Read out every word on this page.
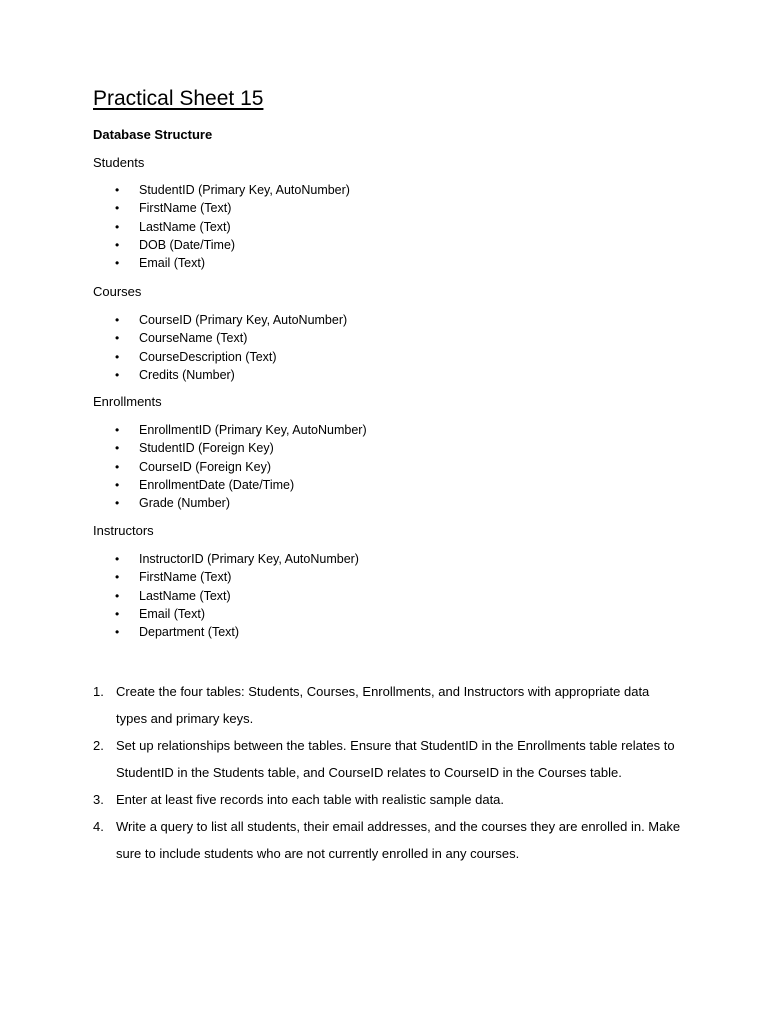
Practical Sheet 15

Database Structure

Students

• StudentID (Primary Key, AutoNumber)
• FirstName (Text)
• LastName (Text)
• DOB (Date/Time)
• Email (Text)

Courses

• CourseID (Primary Key, AutoNumber)
• CourseName (Text)
• CourseDescription (Text)
• Credits (Number)

Enrollments

• EnrollmentID (Primary Key, AutoNumber)
• StudentID (Foreign Key)
• CourseID (Foreign Key)
• EnrollmentDate (Date/Time)
• Grade (Number)

Instructors

• InstructorID (Primary Key, AutoNumber)
• FirstName (Text)
• LastName (Text)
• Email (Text)
• Department (Text)
1. Create the four tables: Students, Courses, Enrollments, and Instructors with appropriate data types and primary keys.
2. Set up relationships between the tables. Ensure that StudentID in the Enrollments table relates to StudentID in the Students table, and CourseID relates to CourseID in the Courses table.
3. Enter at least five records into each table with realistic sample data.
4. Write a query to list all students, their email addresses, and the courses they are enrolled in. Make sure to include students who are not currently enrolled in any courses.
